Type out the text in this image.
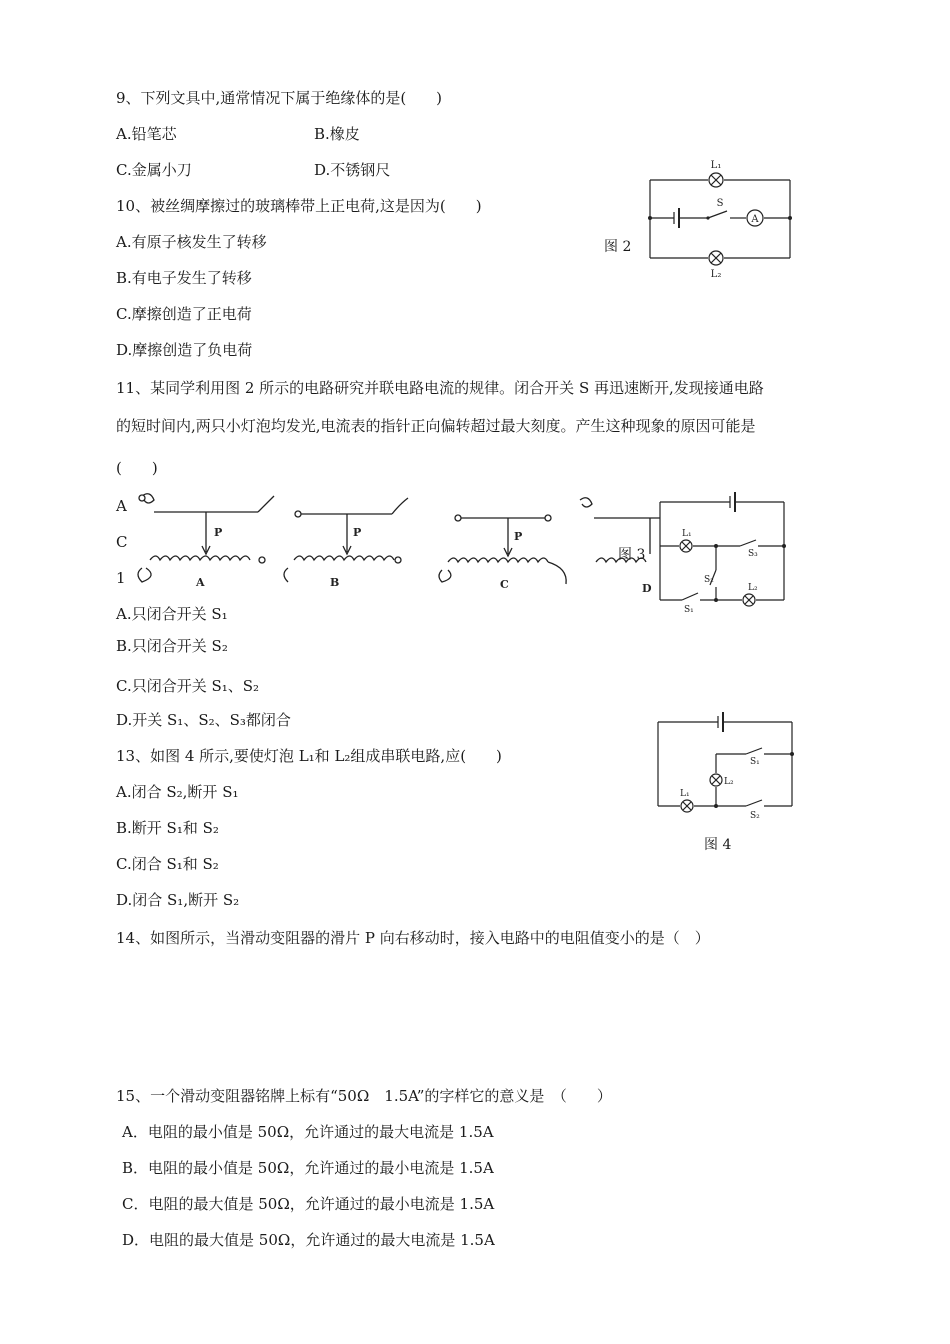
9、下列文具中,通常情况下属于绝缘体的是(　　)
A.铅笔芯	B.橡皮
C.金属小刀	D.不锈钢尺
10、被丝绸摩擦过的玻璃棒带上正电荷,这是因为(　　)
A.有原子核发生了转移
B.有电子发生了转移
C.摩擦创造了正电荷
D.摩擦创造了负电荷
图 2
A
L₁
S
L₂
11、某同学利用图 2 所示的电路研究并联电路电流的规律。闭合开关 S 再迅速断开,发现接通电路
的短时间内,两只小灯泡均发光,电流表的指针正向偏转超过最大刻度。产生这种现象的原因可能是
(　　)
A
C
1
P
A
P
B
P
C	D
图 3
L₁
S₃
S₂
L₂
S₁
A.只闭合开关 S₁
B.只闭合开关 S₂
C.只闭合开关 S₁、S₂
D.开关 S₁、S₂、S₃都闭合
13、如图 4 所示,要使灯泡 L₁和 L₂组成串联电路,应(　　)
A.闭合 S₂,断开 S₁
B.断开 S₁和 S₂
C.闭合 S₁和 S₂
D.闭合 S₁,断开 S₂
S₁
L₂
L₁
S₂
图 4
14、如图所示，当滑动变阻器的滑片 P 向右移动时，接入电路中的电阻值变小的是（　）
15、一个滑动变阻器铭牌上标有“50Ω　1.5A”的字样它的意义是　（　　）
A．电阻的最小值是 50Ω，允许通过的最大电流是 1.5A
B．电阻的最小值是 50Ω，允许通过的最小电流是 1.5A
C．电阻的最大值是 50Ω，允许通过的最小电流是 1.5A
D．电阻的最大值是 50Ω，允许通过的最大电流是 1.5A
